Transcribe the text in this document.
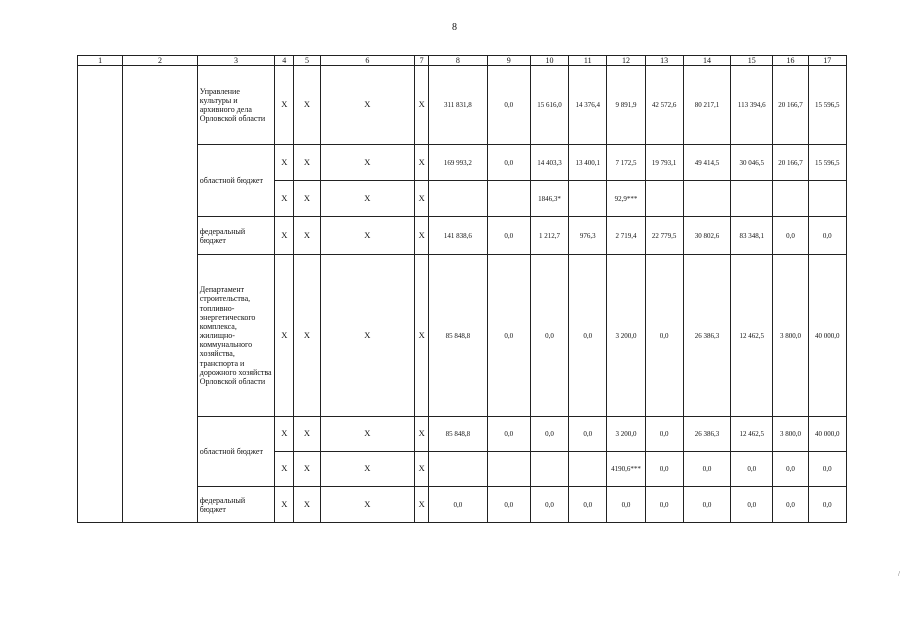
8
1	2	3	4	5	6	7	8	9	10	11	12	13	14	15	16	17
		Управление культуры и архивного дела Орловской области	X	X	X	X	311 831,8	0,0	15 616,0	14 376,4	9 891,9	42 572,6	80 217,1	113 394,6	20 166,7	15 596,5
		областной бюджет	X	X	X	X	169 993,2	0,0	14 403,3	13 400,1	7 172,5	19 793,1	49 414,5	30 046,5	20 166,7	15 596,5
			X	X	X	X			1846,3*		92,9***					
		федеральный бюджет	X	X	X	X	141 838,6	0,0	1 212,7	976,3	2 719,4	22 779,5	30 802,6	83 348,1	0,0	0,0
		Департамент строительства, топливно-энергетического комплекса, жилищно-коммунального хозяйства, транспорта и дорожного хозяйства Орловской области	X	X	X	X	85 848,8	0,0	0,0	0,0	3 200,0	0,0	26 386,3	12 462,5	3 800,0	40 000,0
		областной бюджет	X	X	X	X	85 848,8	0,0	0,0	0,0	3 200,0	0,0	26 386,3	12 462,5	3 800,0	40 000,0
			X	X	X	X					4190,6***	0,0	0,0	0,0	0,0	0,0
		федеральный бюджет	X	X	X	X	0,0	0,0	0,0	0,0	0,0	0,0	0,0	0,0	0,0	0,0
/
